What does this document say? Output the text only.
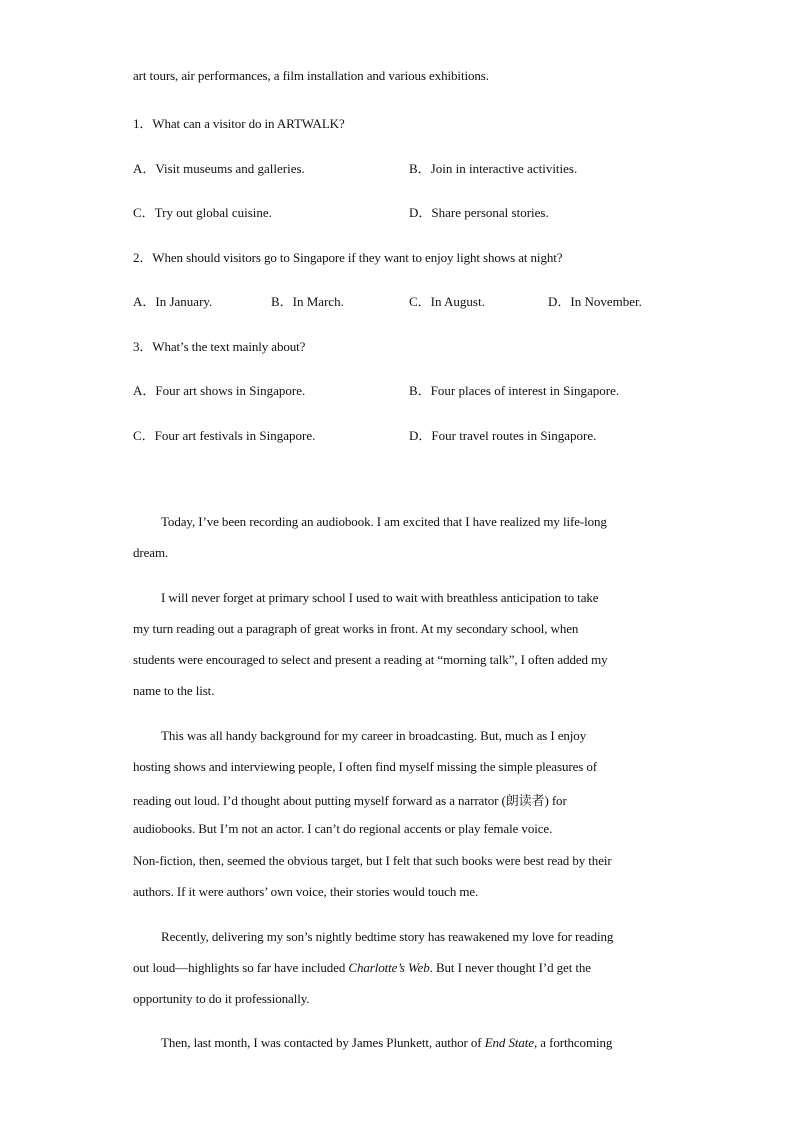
art tours, air performances, a film installation and various exhibitions.
1．What can a visitor do in ARTWALK?
A．Visit museums and galleries.	B．Join in interactive activities.
C．Try out global cuisine.	D．Share personal stories.
2．When should visitors go to Singapore if they want to enjoy light shows at night?
A．In January.	B．In March.	C．In August.	D．In November.
3．What’s the text mainly about?
A．Four art shows in Singapore.	B．Four places of interest in Singapore.
C．Four art festivals in Singapore.	D．Four travel routes in Singapore.
Today, I’ve been recording an audiobook. I am excited that I have realized my life-long
dream.
I will never forget at primary school I used to wait with breathless anticipation to take
my turn reading out a paragraph of great works in front. At my secondary school, when
students were encouraged to select and present a reading at “morning talk”, I often added my
name to the list.
This was all handy background for my career in broadcasting. But, much as I enjoy
hosting shows and interviewing people, I often find myself missing the simple pleasures of
reading out loud. I’d thought about putting myself forward as a narrator (朗读者) for
audiobooks. But I’m not an actor. I can’t do regional accents or play female voice.
Non-fiction, then, seemed the obvious target, but I felt that such books were best read by their
authors. If it were authors’ own voice, their stories would touch me.
Recently, delivering my son’s nightly bedtime story has reawakened my love for reading
out loud—highlights so far have included Charlotte’s Web. But I never thought I’d get the
opportunity to do it professionally.
Then, last month, I was contacted by James Plunkett, author of End State, a forthcoming
